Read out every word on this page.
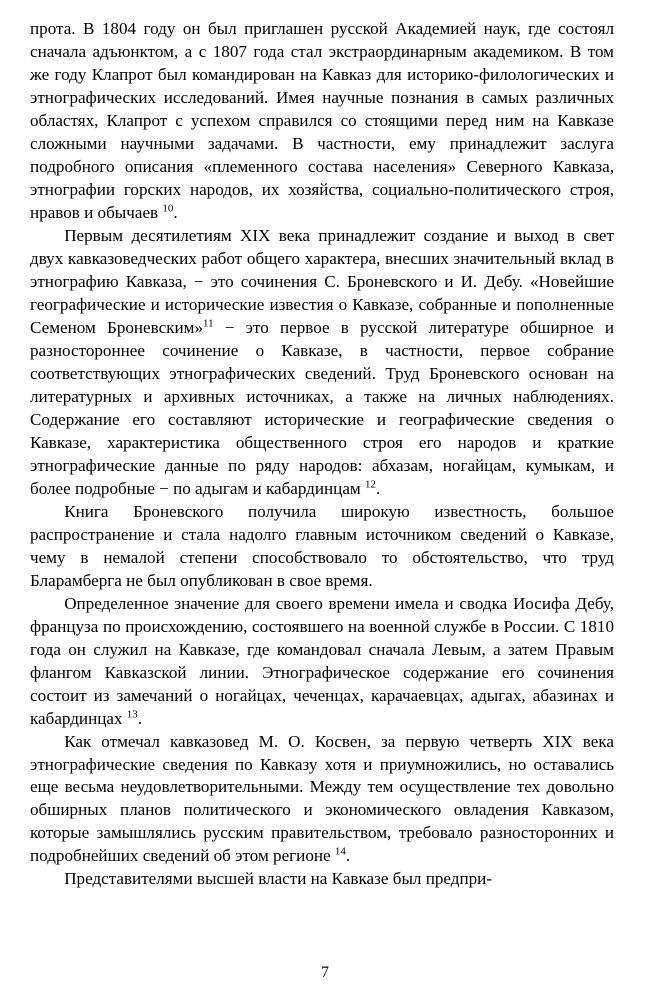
прота. В 1804 году он был приглашен русской Академией наук, где состоял сначала адъюнктом, а с 1807 года стал экстраординарным академиком. В том же году Клапрот был командирован на Кавказ для историко-филологических и этнографических исследований. Имея научные познания в самых различных областях, Клапрот с успехом справился со стоящими перед ним на Кавказе сложными научными задачами. В частности, ему принадлежит заслуга подробного описания «племенного состава населения» Северного Кавказа, этнографии горских народов, их хозяйства, социально-политического строя, нравов и обычаев $^{10}$.

Первым десятилетиям XIX века принадлежит создание и выход в свет двух кавказоведческих работ общего характера, внесших значительный вклад в этнографию Кавказа, − это сочинения С. Броневского и И. Дебу. «Новейшие географические и исторические известия о Кавказе, собранные и пополненные Семеном Броневским»$^{11}$ − это первое в русской литературе обширное и разностороннее сочинение о Кавказе, в частности, первое собрание соответствующих этнографических сведений. Труд Броневского основан на литературных и архивных источниках, а также на личных наблюдениях. Содержание его составляют исторические и географические сведения о Кавказе, характеристика общественного строя его народов и краткие этнографические данные по ряду народов: абхазам, ногайцам, кумыкам, и более подробные − по адыгам и кабардинцам $^{12}$.

Книга Броневского получила широкую известность, большое распространение и стала надолго главным источником сведений о Кавказе, чему в немалой степени способствовало то обстоятельство, что труд Бларамберга не был опубликован в свое время.

Определенное значение для своего времени имела и сводка Иосифа Дебу, француза по происхождению, состоявшего на военной службе в России. С 1810 года он служил на Кавказе, где командовал сначала Левым, а затем Правым флангом Кавказской линии. Этнографическое содержание его сочинения состоит из замечаний о ногайцах, чеченцах, карачаевцах, адыгах, абазинах и кабардинцах $^{13}$.

Как отмечал кавказовед М. О. Косвен, за первую четверть XIX века этнографические сведения по Кавказу хотя и приумножились, но оставались еще весьма неудовлетворительными. Между тем осуществление тех довольно обширных планов политического и экономического овладения Кавказом, которые замышлялись русским правительством, требовало разносторонних и подробнейших сведений об этом регионе $^{14}$.

Представителями высшей власти на Кавказе был предпри-

7
